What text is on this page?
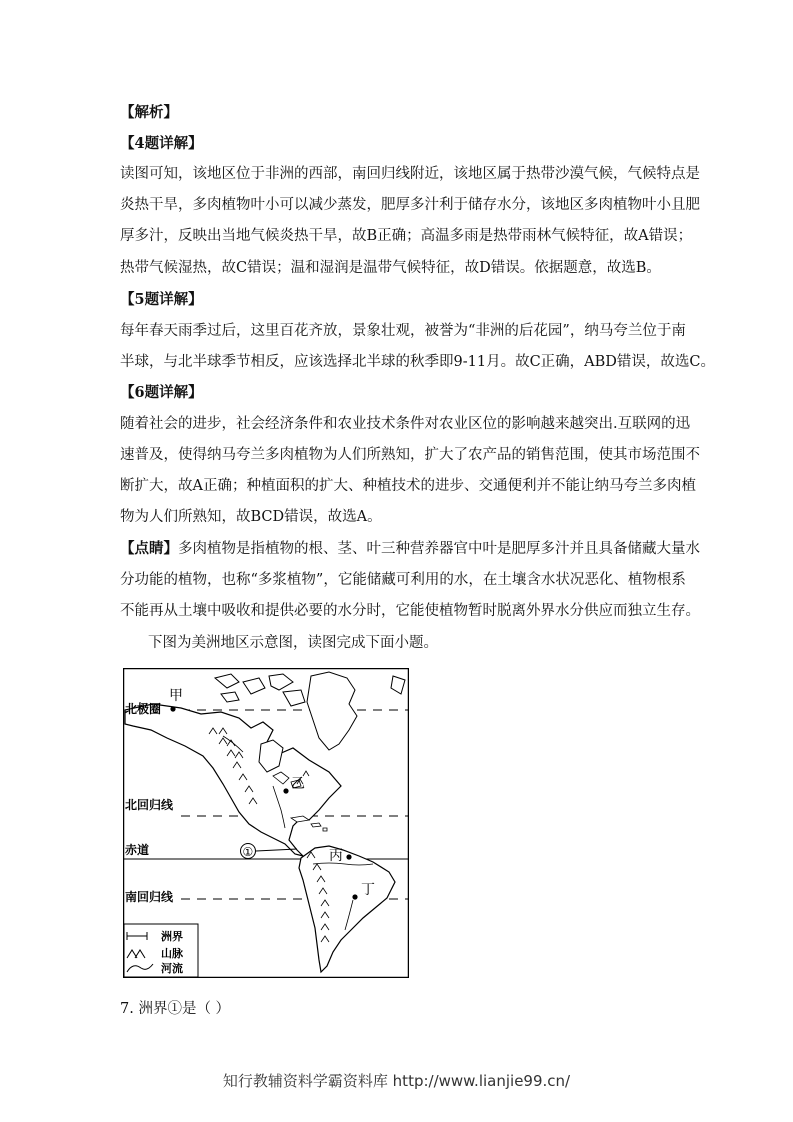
【解析】
【4题详解】
读图可知，该地区位于非洲的西部，南回归线附近，该地区属于热带沙漠气候，气候特点是
炎热干旱，多肉植物叶小可以减少蒸发，肥厚多汁利于储存水分，该地区多肉植物叶小且肥
厚多汁，反映出当地气候炎热干旱，故B正确；高温多雨是热带雨林气候特征，故A错误；
热带气候湿热，故C错误；温和湿润是温带气候特征，故D错误。依据题意，故选B。
【5题详解】
每年春天雨季过后，这里百花齐放，景象壮观，被誉为“非洲的后花园”，纳马夸兰位于南
半球，与北半球季节相反，应该选择北半球的秋季即9-11月。故C正确，ABD错误，故选C。
【6题详解】
随着社会的进步，社会经济条件和农业技术条件对农业区位的影响越来越突出.互联网的迅
速普及，使得纳马夸兰多肉植物为人们所熟知，扩大了农产品的销售范围，使其市场范围不
断扩大，故A正确；种植面积的扩大、种植技术的进步、交通便利并不能让纳马夸兰多肉植
物为人们所熟知，故BCD错误，故选A。
【点睛】多肉植物是指植物的根、茎、叶三种营养器官中叶是肥厚多汁并且具备储藏大量水
分功能的植物，也称“多浆植物”，它能储藏可利用的水，在土壤含水状况恶化、植物根系
不能再从土壤中吸收和提供必要的水分时，它能使植物暂时脱离外界水分供应而独立生存。
下图为美洲地区示意图，读图完成下面小题。
甲
乙
丙
丁
①
北极圈
北回归线
赤道
南回归线
洲界
山脉
河流
7. 洲界①是（ ）
知行教辅资料学霸资料库 http://www.lianjie99.cn/
